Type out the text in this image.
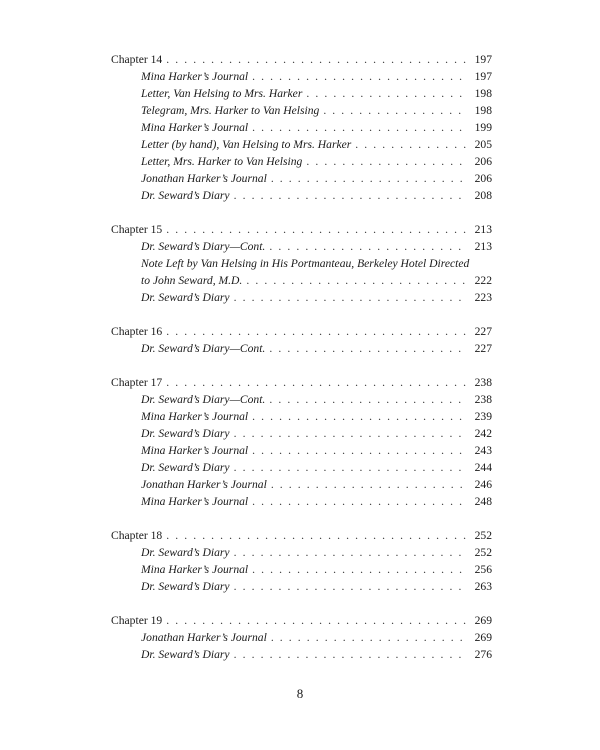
Chapter 14 . . .	197
Mina Harker’s Journal . . .	197
Letter, Van Helsing to Mrs. Harker . . .	198
Telegram, Mrs. Harker to Van Helsing . . .	198
Mina Harker’s Journal . . .	199
Letter (by hand), Van Helsing to Mrs. Harker . . .	205
Letter, Mrs. Harker to Van Helsing . . .	206
Jonathan Harker’s Journal . . .	206
Dr. Seward’s Diary . . .	208
Chapter 15 . . .	213
Dr. Seward’s Diary—Cont. . . .	213
Note Left by Van Helsing in His Portmanteau, Berkeley Hotel Directed
to John Seward, M.D. . . .	222
Dr. Seward’s Diary . . .	223
Chapter 16 . . .	227
Dr. Seward’s Diary—Cont. . . .	227
Chapter 17 . . .	238
Dr. Seward’s Diary—Cont. . . .	238
Mina Harker’s Journal . . .	239
Dr. Seward’s Diary . . .	242
Mina Harker’s Journal . . .	243
Dr. Seward’s Diary . . .	244
Jonathan Harker’s Journal . . .	246
Mina Harker’s Journal . . .	248
Chapter 18 . . .	252
Dr. Seward’s Diary . . .	252
Mina Harker’s Journal . . .	256
Dr. Seward’s Diary . . .	263
Chapter 19 . . .	269
Jonathan Harker’s Journal . . .	269
Dr. Seward’s Diary . . .	276
8
